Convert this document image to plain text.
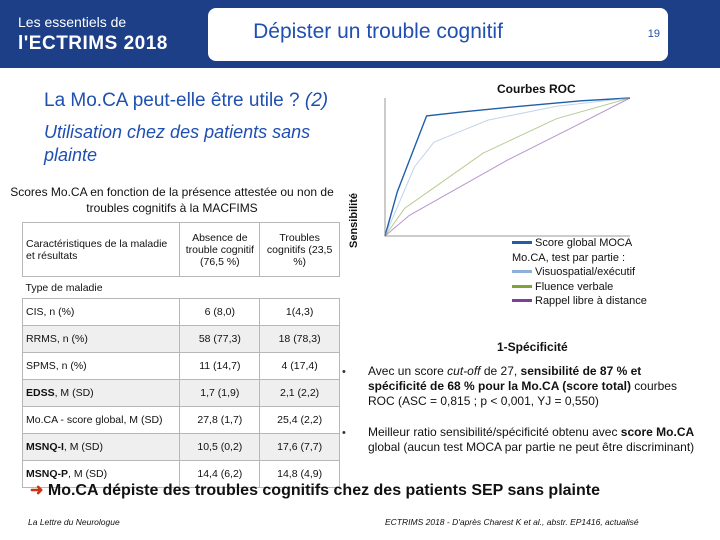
Les essentiels de
l'ECTRIMS 2018
Dépister un trouble cognitif	19
La Mo.CA peut-elle être utile ? (2)
Utilisation chez des patients sans plainte
Scores Mo.CA en fonction de la présence attestée ou non de troubles cognitifs à la MACFIMS
Caractéristiques de la maladie et résultats	Absence de trouble cognitif (76,5 %)	Troubles cognitifs (23,5 %)
Type de maladie		
CIS, n (%)	6 (8,0)	1(4,3)
RRMS, n (%)	58 (77,3)	18 (78,3)
SPMS, n (%)	11 (14,7)	4 (17,4)
EDSS, M (SD)	1,7 (1,9)	2,1 (2,2)
Mo.CA - score global, M (SD)	27,8 (1,7)	25,4 (2,2)
MSNQ-I, M (SD)	10,5 (0,2)	17,6 (7,7)
MSNQ-P, M (SD)	14,4 (6,2)	14,8 (4,9)
Courbes ROC
Sensibilité
1-Spécificité
Score global MOCA
Mo.CA, test par partie :
Visuospatial/exécutif
Fluence verbale
Rappel libre à distance
• Avec un score cut-off de 27, sensibilité de 87 % et spécificité de 68 % pour la Mo.CA (score total) courbes ROC (ASC = 0,815 ; p < 0,001, YJ = 0,550)
• Meilleur ratio sensibilité/spécificité obtenu avec score Mo.CA global (aucun test MOCA par partie ne peut être discriminant)
➜ Mo.CA dépiste des troubles cognitifs chez des patients SEP sans plainte
La Lettre du Neurologue	ECTRIMS 2018 - D'après Charest K et al., abstr. EP1416, actualisé
